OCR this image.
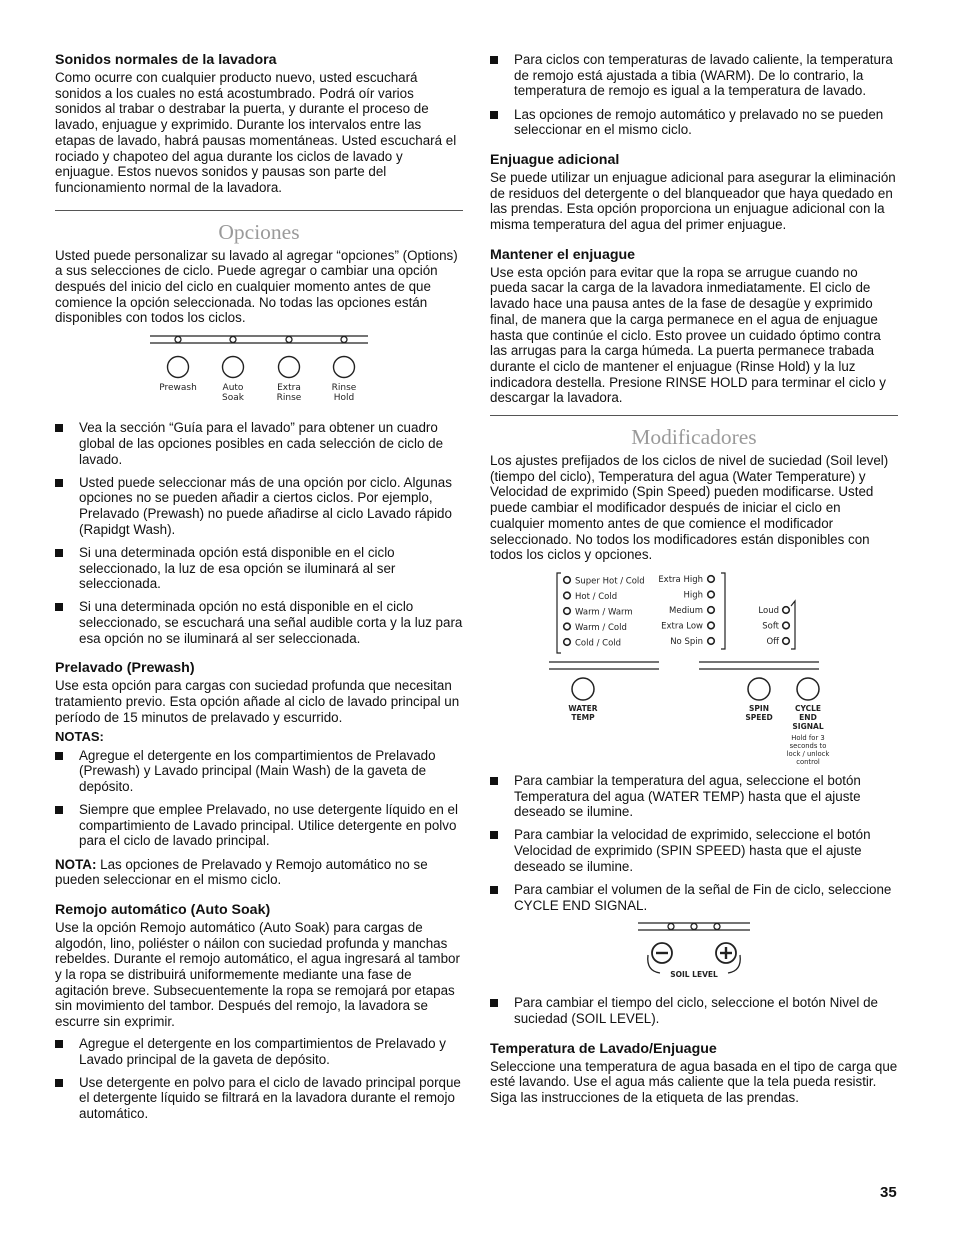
Sonidos normales de la lavadora

Como ocurre con cualquier producto nuevo, usted escuchará sonidos a los cuales no está acostumbrado. Podrá oír varios sonidos al trabar o destrabar la puerta, y durante el proceso de lavado, enjuague y exprimido. Durante los intervalos entre las etapas de lavado, habrá pausas momentáneas. Usted escuchará el rociado y chapoteo del agua durante los ciclos de lavado y enjuague. Estos nuevos sonidos y pausas son parte del funcionamiento normal de la lavadora.

Opciones

Usted puede personalizar su lavado al agregar “opciones” (Options) a sus selecciones de ciclo. Puede agregar o cambiar una opción después del inicio del ciclo en cualquier momento antes de que comience la opción seleccionada. No todas las opciones están disponibles con todos los ciclos.

Prewash	Auto
Soak
Extra
Rinse
Rinse
Hold
Vea la sección “Guía para el lavado” para obtener un cuadro global de las opciones posibles en cada selección de ciclo de lavado.
Usted puede seleccionar más de una opción por ciclo. Algunas opciones no se pueden añadir a ciertos ciclos. Por ejemplo, Prelavado (Prewash) no puede añadirse al ciclo Lavado rápido (Rapidgt Wash).
Si una determinada opción está disponible en el ciclo seleccionado, la luz de esa opción se iluminará al ser seleccionada.
Si una determinada opción no está disponible en el ciclo seleccionado, se escuchará una señal audible corta y la luz para esa opción no se iluminará al ser seleccionada.
Prelavado (Prewash)

Use esta opción para cargas con suciedad profunda que necesitan tratamiento previo. Esta opción añade al ciclo de lavado principal un período de 15 minutos de prelavado y escurrido.

NOTAS:
Agregue el detergente en los compartimientos de Prelavado (Prewash) y Lavado principal (Main Wash) de la gaveta de depósito.
Siempre que emplee Prelavado, no use detergente líquido en el compartimiento de Lavado principal. Utilice detergente en polvo para el ciclo de lavado principal.

NOTA: Las opciones de Prelavado y Remojo automático no se pueden seleccionar en el mismo ciclo.

Remojo automático (Auto Soak)

Use la opción Remojo automático (Auto Soak) para cargas de algodón, lino, poliéster o náilon con suciedad profunda y manchas rebeldes. Durante el remojo automático, el agua ingresará al tambor y la ropa se distribuirá uniformemente mediante una fase de agitación breve. Subsecuentemente la ropa se remojará por etapas sin movimiento del tambor. Después del remojo, la lavadora se escurre sin exprimir.

Agregue el detergente en los compartimientos de Prelavado y Lavado principal de la gaveta de depósito.
Use detergente en polvo para el ciclo de lavado principal porque el detergente líquido se filtrará en la lavadora durante el remojo automático.
Para ciclos con temperaturas de lavado caliente, la temperatura de remojo está ajustada a tibia (WARM). De lo contrario, la temperatura de remojo es igual a la temperatura de lavado.
Las opciones de remojo automático y prelavado no se pueden seleccionar en el mismo ciclo.
Enjuague adicional

Se puede utilizar un enjuague adicional para asegurar la eliminación de residuos del detergente o del blanqueador que haya quedado en las prendas. Esta opción proporciona un enjuague adicional con la misma temperatura del agua del primer enjuague.

Mantener el enjuague

Use esta opción para evitar que la ropa se arrugue cuando no pueda sacar la carga de la lavadora inmediatamente. El ciclo de lavado hace una pausa antes de la fase de desagüe y exprimido final, de manera que la carga permanece en el agua de enjuague hasta que continúe el ciclo. Esto provee un cuidado óptimo contra las arrugas para la carga húmeda. La puerta permanece trabada durante el ciclo de mantener el enjuague (Rinse Hold) y la luz indicadora destella. Presione RINSE HOLD para terminar el ciclo y descargar la lavadora.

Modificadores

Los ajustes prefijados de los ciclos de nivel de suciedad (Soil level) (tiempo del ciclo), Temperatura del agua (Water Temperature) y Velocidad de exprimido (Spin Speed) pueden modificarse. Usted puede cambiar el modificador después de iniciar el ciclo en cualquier momento antes de que comience el modificador seleccionado. No todos los modificadores están disponibles con todos los ciclos y opciones.

Super Hot / Cold
Hot / Cold
Warm / Warm
Warm / Cold
Cold / Cold
Extra High
High
Medium
Extra Low
No Spin
Loud
Soft
Off
WATER
TEMP
SPIN
SPEED
CYCLE
END
SIGNAL
Hold for 3
seconds to
lock / unlock
control
Para cambiar la temperatura del agua, seleccione el botón Temperatura del agua (WATER TEMP) hasta que el ajuste deseado se ilumine.
Para cambiar la velocidad de exprimido, seleccione el botón Velocidad de exprimido (SPIN SPEED) hasta que el ajuste deseado se ilumine.
Para cambiar el volumen de la señal de Fin de ciclo, seleccione CYCLE END SIGNAL.
SOIL LEVEL
Para cambiar el tiempo del ciclo, seleccione el botón Nivel de suciedad (SOIL LEVEL).
Temperatura de Lavado/Enjuague

Seleccione una temperatura de agua basada en el tipo de carga que esté lavando. Use el agua más caliente que la tela pueda resistir. Siga las instrucciones de la etiqueta de las prendas.

35
